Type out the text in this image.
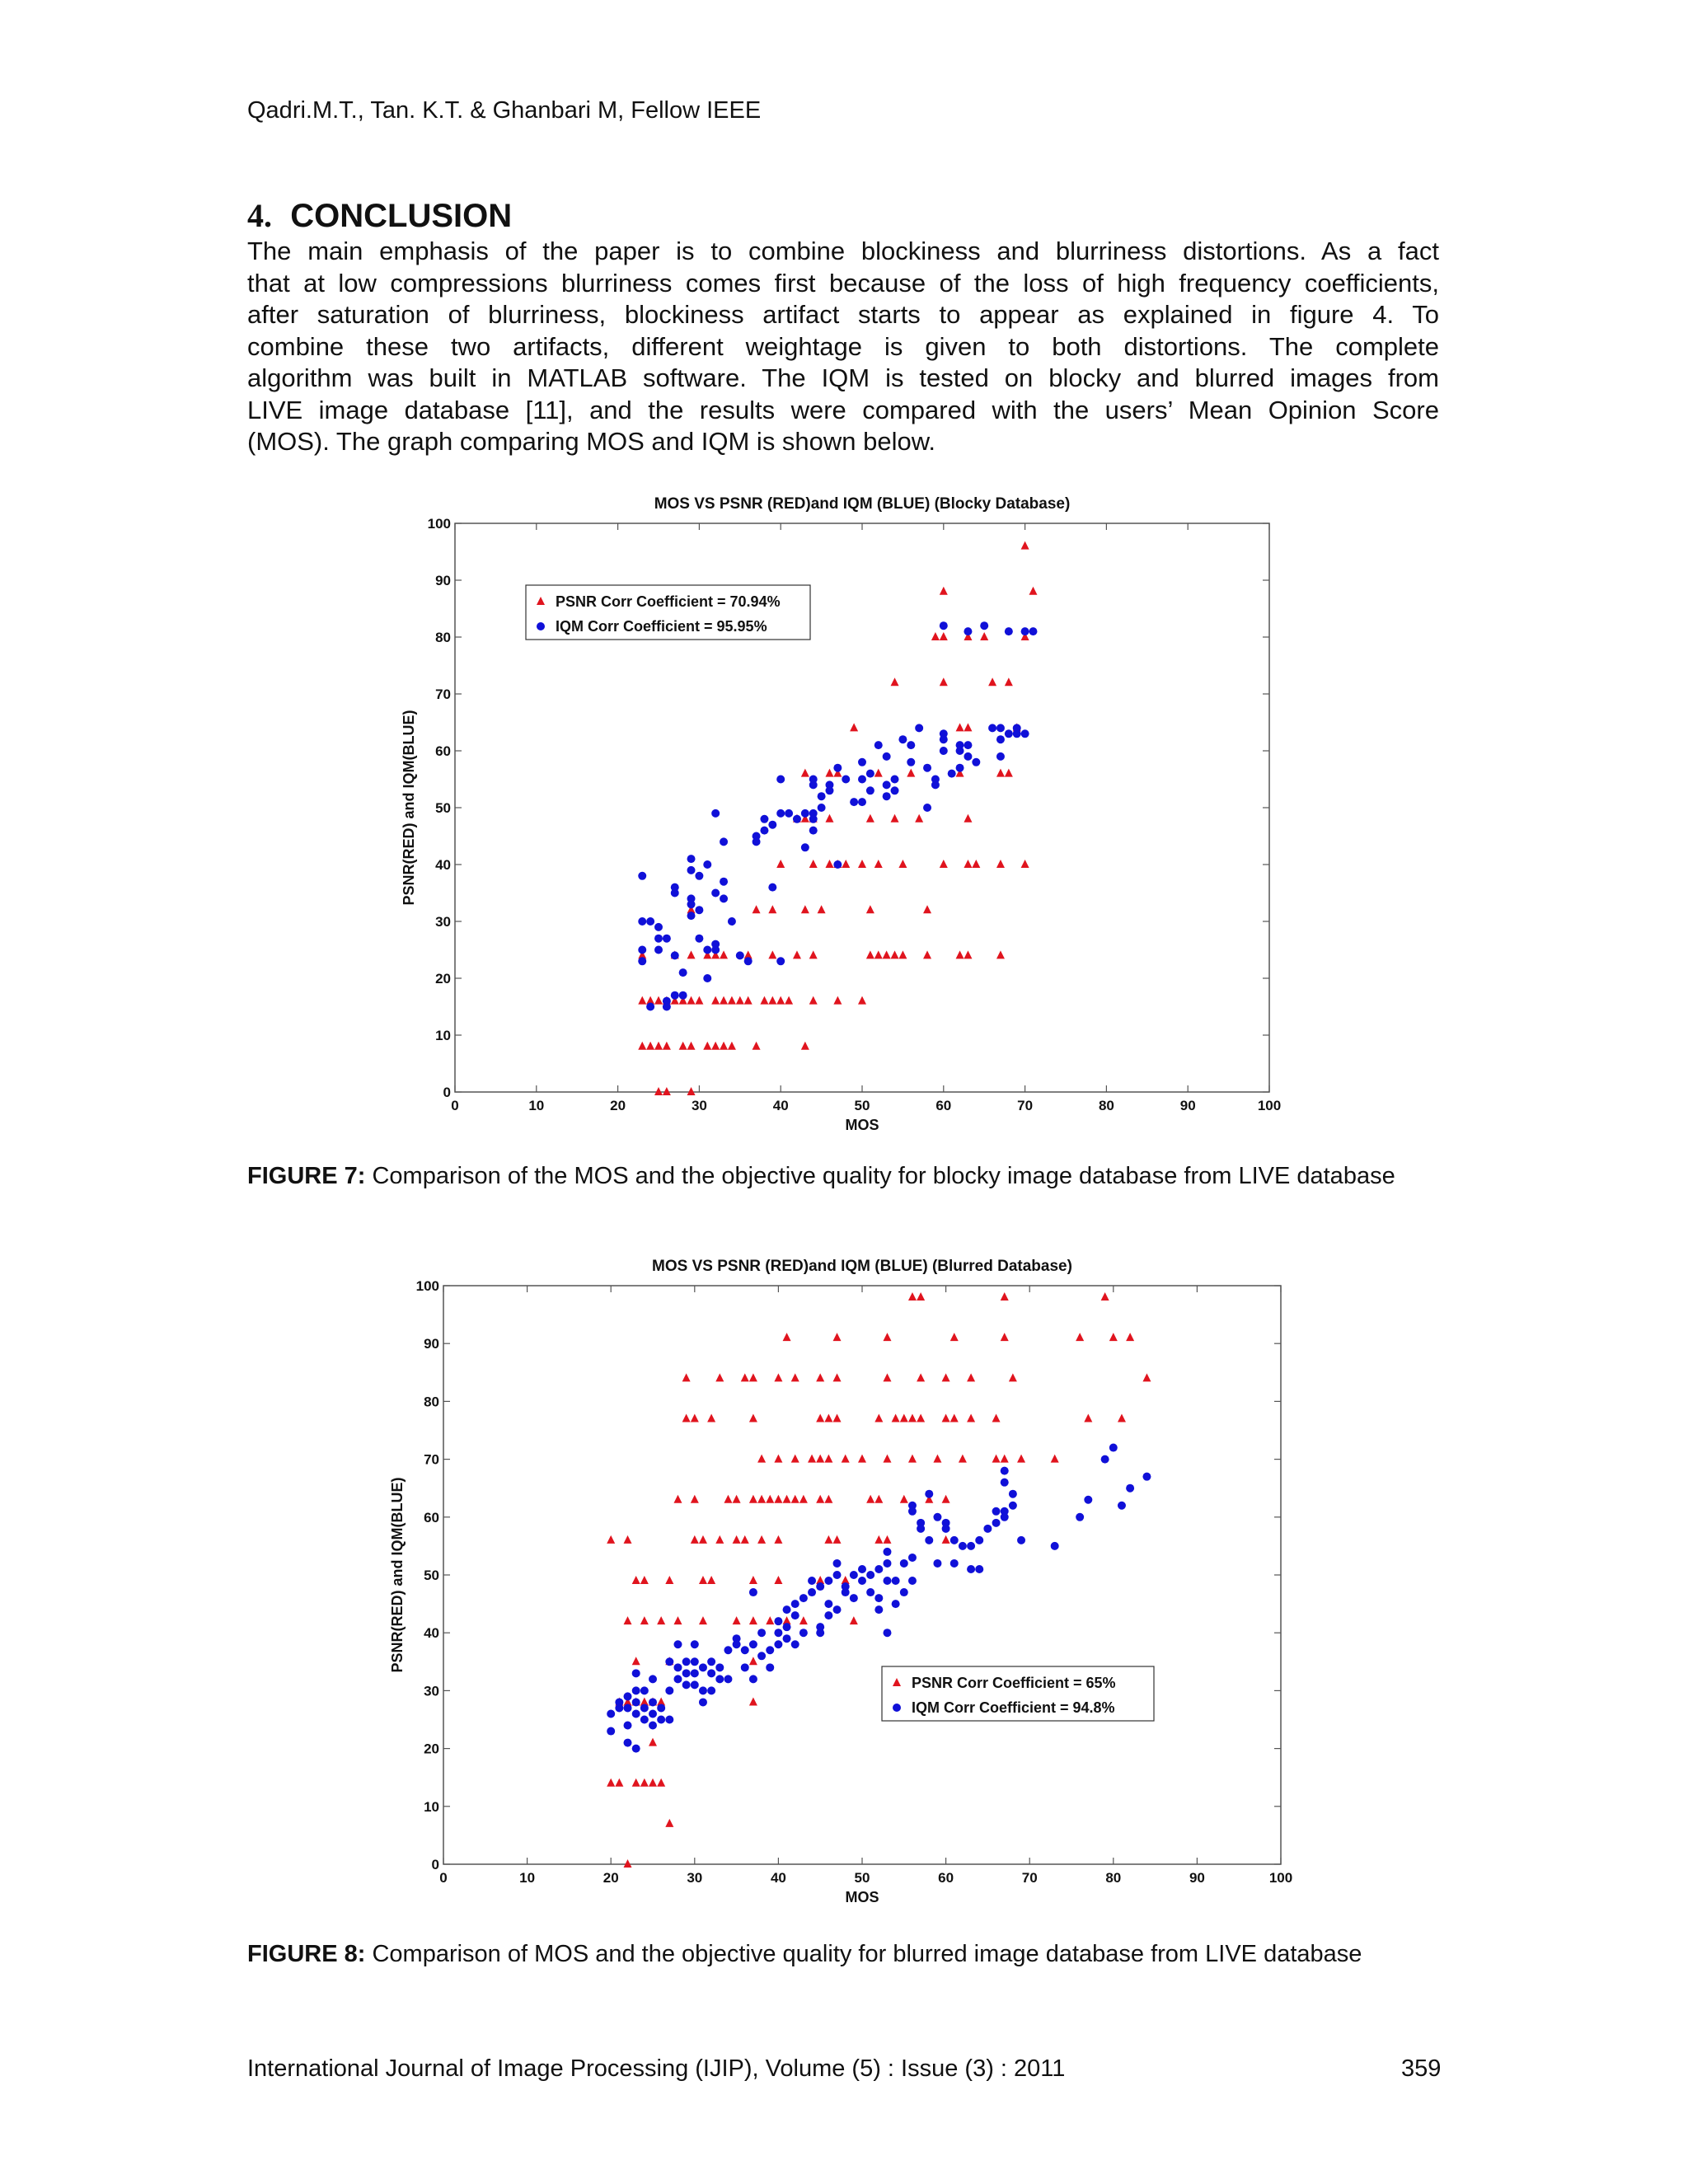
Qadri.M.T., Tan. K.T. & Ghanbari M, Fellow IEEE
4. CONCLUSION

The main emphasis of the paper is to combine blockiness and blurriness distortions. As a fact

that at low compressions blurriness comes first because of the loss of high frequency coefficients,

after saturation of blurriness, blockiness artifact starts to appear as explained in figure 4. To

combine these two artifacts, different weightage is given to both distortions. The complete

algorithm was built in MATLAB software. The IQM is tested on blocky and blurred images from

LIVE image database [11], and the results were compared with the users’ Mean Opinion Score

(MOS). The graph comparing MOS and IQM is shown below.

MOS VS PSNR (RED)and IQM (BLUE) (Blocky Database)
0	10	20	30	40	50	60	70	80	90	100
0
10
20
30
40
50
60
70
80
90
100
MOS
PSNR(RED) and IQM(BLUE)
PSNR Corr Coefficient = 70.94%
IQM Corr Coefficient = 95.95%
FIGURE 7: Comparison of the MOS and the objective quality for blocky image database from LIVE database
MOS VS PSNR (RED)and IQM (BLUE) (Blurred Database)
0	10	20	30	40	50	60	70	80	90	100
0
10
20
30
40
50
60
70
80
90
100
MOS
PSNR(RED) and IQM(BLUE)
PSNR Corr Coefficient = 65%
IQM Corr Coefficient = 94.8%
FIGURE 8: Comparison of MOS and the objective quality for blurred image database from LIVE database
International Journal of Image Processing (IJIP), Volume (5) : Issue (3) : 2011	359
